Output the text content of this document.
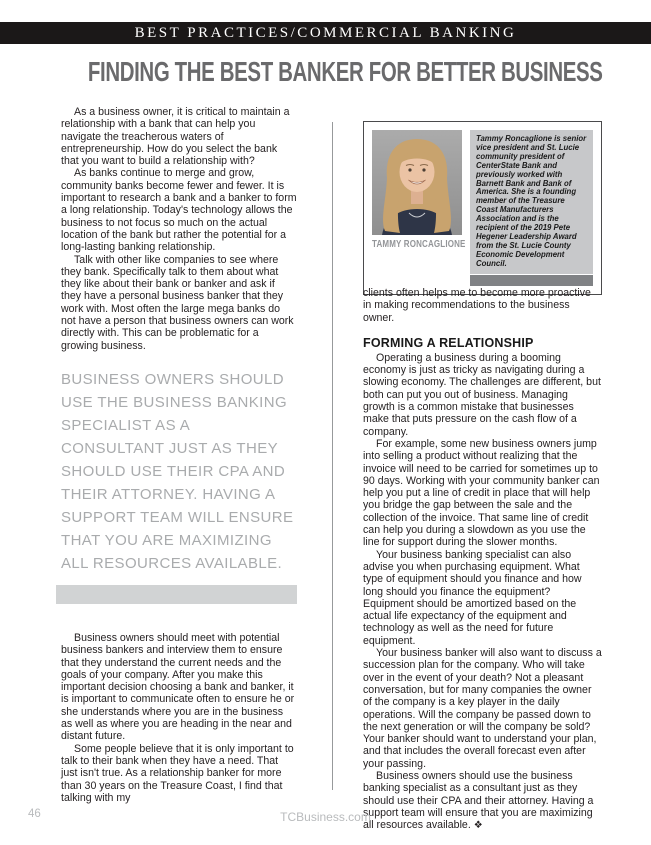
BEST PRACTICES/COMMERCIAL BANKING
FINDING THE BEST BANKER FOR BETTER BUSINESS

As a business owner, it is critical to maintain a relationship with a bank that can help you navigate the treacherous waters of entrepreneurship. How do you select the bank that you want to build a relationship with?

As banks continue to merge and grow, community banks become fewer and fewer. It is important to research a bank and a banker to form a long relationship. Today's technology allows the business to not focus so much on the actual location of the bank but rather the potential for a long-lasting banking relationship.

Talk with other like companies to see where they bank. Specifically talk to them about what they like about their bank or banker and ask if they have a personal business banker that they work with. Most often the large mega banks do not have a person that business owners can work directly with. This can be problematic for a growing business.

BUSINESS OWNERS SHOULD USE THE BUSINESS BANKING SPECIALIST AS A CONSULTANT JUST AS THEY SHOULD USE THEIR CPA AND THEIR ATTORNEY. HAVING A SUPPORT TEAM WILL ENSURE THAT YOU ARE MAXIMIZING ALL RESOURCES AVAILABLE.

Business owners should meet with potential business bankers and interview them to ensure that they understand the current needs and the goals of your company. After you make this important decision choosing a bank and banker, it is important to communicate often to ensure he or she understands where you are in the business as well as where you are heading in the near and distant future.

Some people believe that it is only important to talk to their bank when they have a need. That just isn't true. As a relationship banker for more than 30 years on the Treasure Coast, I find that talking with my

TAMMY RONCAGLIONE
Tammy Roncaglione is senior vice president and St. Lucie community president of CenterState Bank and previously worked with Barnett Bank and Bank of America. She is a founding member of the Treasure Coast Manufacturers Association and is the recipient of the 2019 Pete Hegener Leadership Award from the St. Lucie County Economic Development Council.

clients often helps me to become more proactive in making recommendations to the business owner.

FORMING A RELATIONSHIP

Operating a business during a booming economy is just as tricky as navigating during a slowing economy. The challenges are different, but both can put you out of business. Managing growth is a common mistake that businesses make that puts pressure on the cash flow of a company.

For example, some new business owners jump into selling a product without realizing that the invoice will need to be carried for sometimes up to 90 days. Working with your community banker can help you put a line of credit in place that will help you bridge the gap between the sale and the collection of the invoice. That same line of credit can help you during a slowdown as you use the line for support during the slower months.

Your business banking specialist can also advise you when purchasing equipment. What type of equipment should you finance and how long should you finance the equipment? Equipment should be amortized based on the actual life expectancy of the equipment and technology as well as the need for future equipment.

Your business banker will also want to discuss a succession plan for the company. Who will take over in the event of your death? Not a pleasant conversation, but for many companies the owner of the company is a key player in the daily operations. Will the company be passed down to the next generation or will the company be sold? Your banker should want to understand your plan, and that includes the overall forecast even after your passing.

Business owners should use the business banking specialist as a consultant just as they should use their CPA and their attorney. Having a support team will ensure that you are maximizing all resources available. ❖

46	TCBusiness.com
